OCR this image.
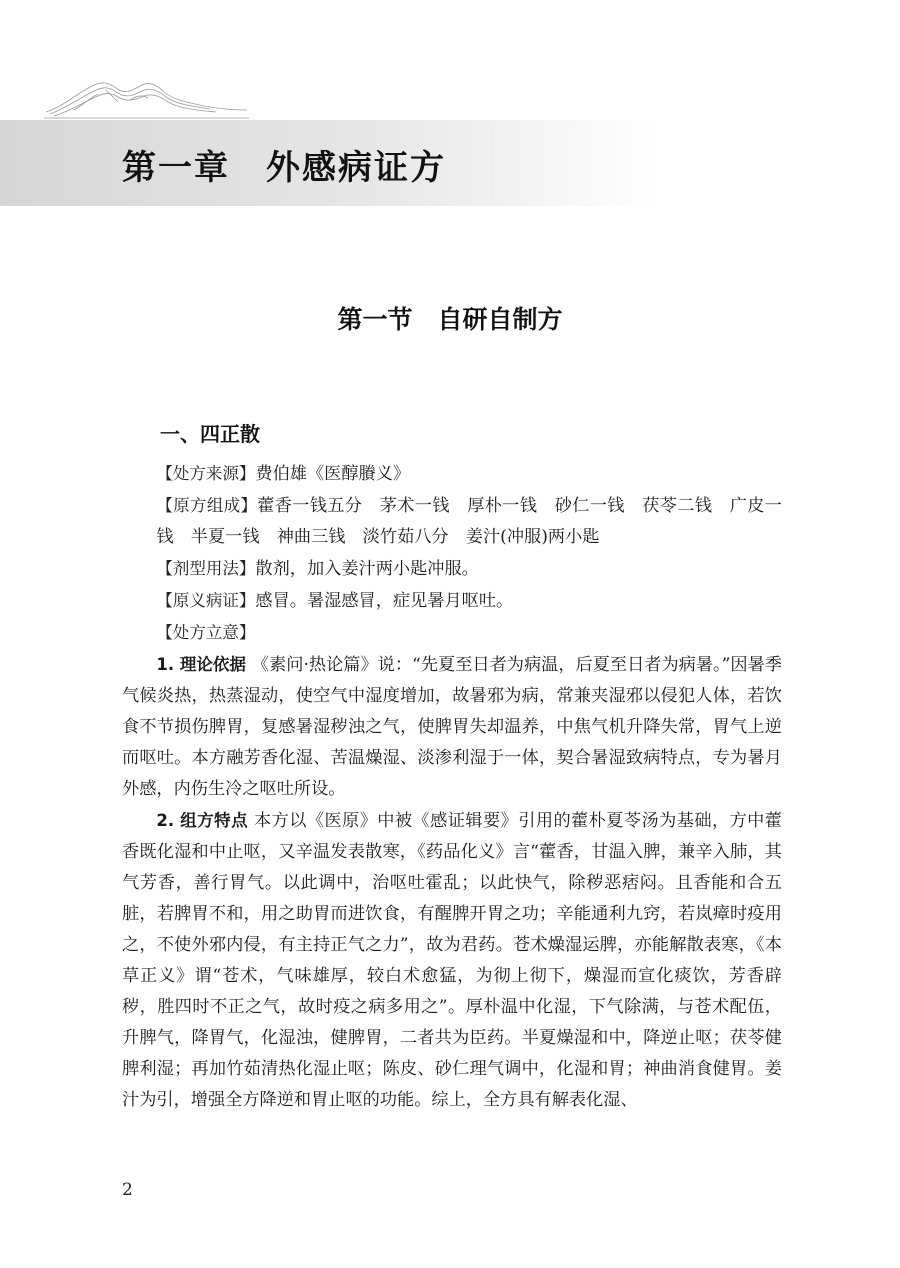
第一章　外感病证方
第一节　自研自制方
一、四正散

【处方来源】费伯雄《医醇賸义》

【原方组成】藿香一钱五分　茅术一钱　厚朴一钱　砂仁一钱　茯苓二钱　广皮一钱　半夏一钱　神曲三钱　淡竹茹八分　姜汁(冲服)两小匙

【剂型用法】散剂，加入姜汁两小匙冲服。

【原义病证】感冒。暑湿感冒，症见暑月呕吐。

【处方立意】

1. 理论依据 《素问·热论篇》说：“先夏至日者为病温，后夏至日者为病暑。”因暑季气候炎热，热蒸湿动，使空气中湿度增加，故暑邪为病，常兼夹湿邪以侵犯人体，若饮食不节损伤脾胃，复感暑湿秽浊之气，使脾胃失却温养，中焦气机升降失常，胃气上逆而呕吐。本方融芳香化湿、苦温燥湿、淡渗利湿于一体，契合暑湿致病特点，专为暑月外感，内伤生冷之呕吐所设。

2. 组方特点 本方以《医原》中被《感证辑要》引用的藿朴夏苓汤为基础，方中藿香既化湿和中止呕，又辛温发表散寒，《药品化义》言“藿香，甘温入脾，兼辛入肺，其气芳香，善行胃气。以此调中，治呕吐霍乱；以此快气，除秽恶痞闷。且香能和合五脏，若脾胃不和，用之助胃而进饮食，有醒脾开胃之功；辛能通利九窍，若岚瘴时疫用之，不使外邪内侵，有主持正气之力”，故为君药。苍术燥湿运脾，亦能解散表寒，《本草正义》谓“苍术，气味雄厚，较白术愈猛，为彻上彻下，燥湿而宣化痰饮，芳香辟秽，胜四时不正之气，故时疫之病多用之”。厚朴温中化湿，下气除满，与苍术配伍，升脾气，降胃气，化湿浊，健脾胃，二者共为臣药。半夏燥湿和中，降逆止呕；茯苓健脾利湿；再加竹茹清热化湿止呕；陈皮、砂仁理气调中，化湿和胃；神曲消食健胃。姜汁为引，增强全方降逆和胃止呕的功能。综上，全方具有解表化湿、

2
